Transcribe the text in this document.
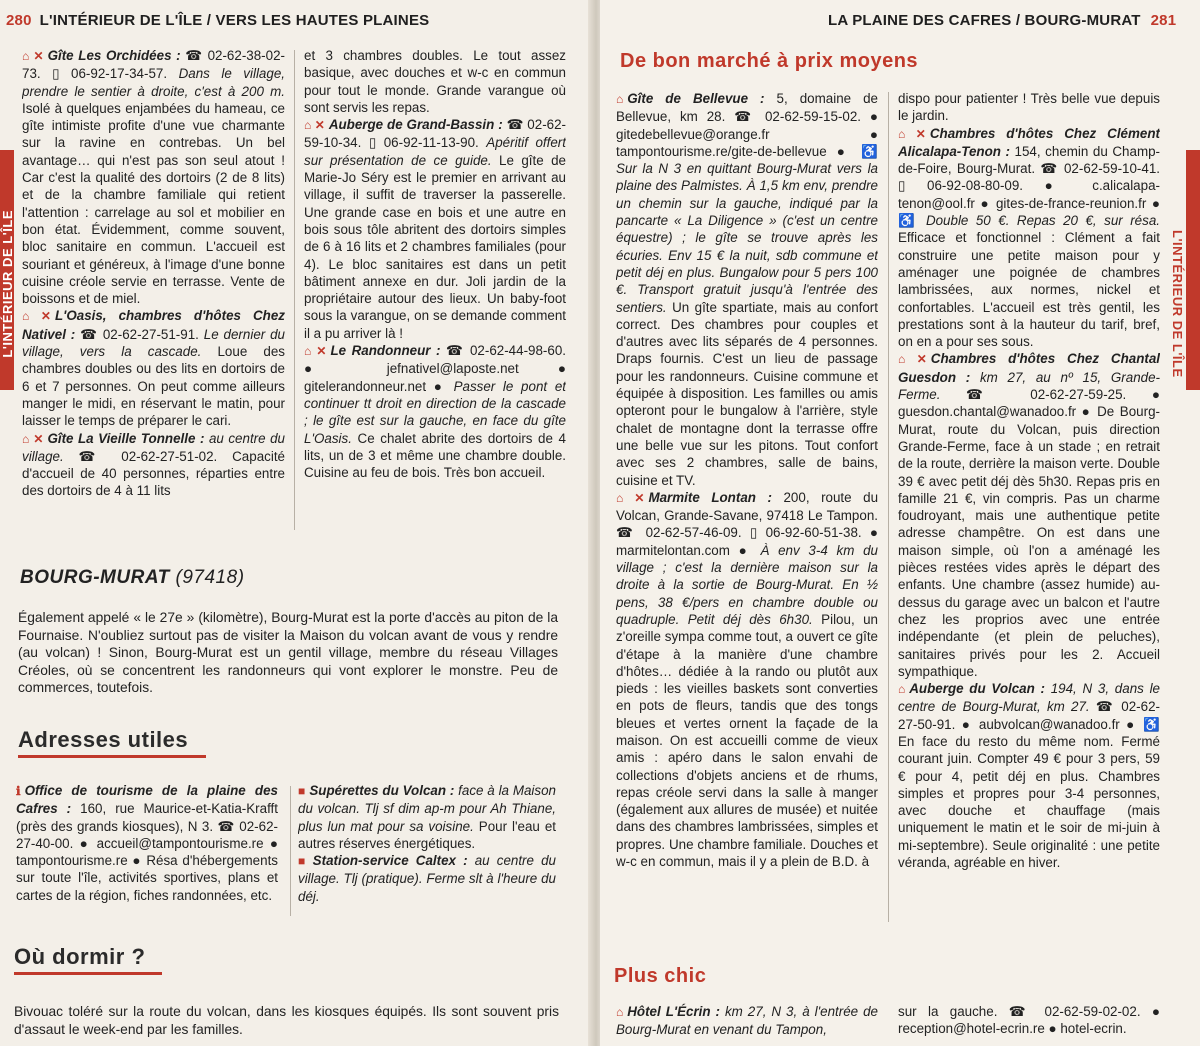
280 L'INTÉRIEUR DE L'ÎLE / VERS LES HAUTES PLAINES
L'INTÉRIEUR DE L'ÎLE

⌂ ✕ Gîte Les Orchidées : ☎ 02-62-38-02-73. ▯ 06-92-17-34-57. Dans le village, prendre le sentier à droite, c'est à 200 m. Isolé à quelques enjambées du hameau, ce gîte intimiste profite d'une vue charmante sur la ravine en contrebas. Un bel avantage… qui n'est pas son seul atout ! Car c'est la qualité des dortoirs (2 de 8 lits) et de la chambre familiale qui retient l'attention : carrelage au sol et mobilier en bon état. Évidemment, comme souvent, bloc sanitaire en commun. L'accueil est souriant et généreux, à l'image d'une bonne cuisine créole servie en terrasse. Vente de boissons et de miel.

⌂ ✕ L'Oasis, chambres d'hôtes Chez Nativel : ☎ 02-62-27-51-91. Le dernier du village, vers la cascade. Loue des chambres doubles ou des lits en dortoirs de 6 et 7 personnes. On peut comme ailleurs manger le midi, en réservant le matin, pour laisser le temps de préparer le cari.

⌂ ✕ Gîte La Vieille Tonnelle : au centre du village. ☎ 02-62-27-51-02. Capacité d'accueil de 40 personnes, réparties entre des dortoirs de 4 à 11 lits

et 3 chambres doubles. Le tout assez basique, avec douches et w-c en commun pour tout le monde. Grande varangue où sont servis les repas.

⌂ ✕ Auberge de Grand-Bassin : ☎ 02-62-59-10-34. ▯ 06-92-11-13-90. Apéritif offert sur présentation de ce guide. Le gîte de Marie-Jo Séry est le premier en arrivant au village, il suffit de traverser la passerelle. Une grande case en bois et une autre en bois sous tôle abritent des dortoirs simples de 6 à 16 lits et 2 chambres familiales (pour 4). Le bloc sanitaires est dans un petit bâtiment annexe en dur. Joli jardin de la propriétaire autour des lieux. Un baby-foot sous la varangue, on se demande comment il a pu arriver là !

⌂ ✕ Le Randonneur : ☎ 02-62-44-98-60. ● jefnativel@laposte.net ● gitelerandonneur.net ● Passer le pont et continuer tt droit en direction de la cascade ; le gîte est sur la gauche, en face du gîte L'Oasis. Ce chalet abrite des dortoirs de 4 lits, un de 3 et même une chambre double. Cuisine au feu de bois. Très bon accueil.

BOURG-MURAT (97418)
Également appelé « le 27e » (kilomètre), Bourg-Murat est la porte d'accès au piton de la Fournaise. N'oubliez surtout pas de visiter la Maison du volcan avant de vous y rendre (au volcan) ! Sinon, Bourg-Murat est un gentil village, membre du réseau Villages Créoles, où se concentrent les randonneurs qui vont explorer le monstre. Peu de commerces, toutefois.
Adresses utiles

ℹ Office de tourisme de la plaine des Cafres : 160, rue Maurice-et-Katia-Krafft (près des grands kiosques), N 3. ☎ 02-62-27-40-00. ● accueil@tampontourisme.re ● tampontourisme.re ● Résa d'hébergements sur toute l'île, activités sportives, plans et cartes de la région, fiches randonnées, etc.

■ Supérettes du Volcan : face à la Maison du volcan. Tlj sf dim ap-m pour Ah Thiane, plus lun mat pour sa voisine. Pour l'eau et autres réserves énergétiques.

■ Station-service Caltex : au centre du village. Tlj (pratique). Ferme slt à l'heure du déj.

Où dormir ?
Bivouac toléré sur la route du volcan, dans les kiosques équipés. Ils sont souvent pris d'assaut le week-end par les familles.
LA PLAINE DES CAFRES / BOURG-MURAT 281
L'INTÉRIEUR DE L'ÎLE
De bon marché à prix moyens

⌂ Gîte de Bellevue : 5, domaine de Bellevue, km 28. ☎ 02-62-59-15-02. ● gitedebellevue@orange.fr ● tampontourisme.re/gite-de-bellevue ● ♿ Sur la N 3 en quittant Bourg-Murat vers la plaine des Palmistes. À 1,5 km env, prendre un chemin sur la gauche, indiqué par la pancarte « La Diligence » (c'est un centre équestre) ; le gîte se trouve après les écuries. Env 15 € la nuit, sdb commune et petit déj en plus. Bungalow pour 5 pers 100 €. Transport gratuit jusqu'à l'entrée des sentiers. Un gîte spartiate, mais au confort correct. Des chambres pour couples et d'autres avec lits séparés de 4 personnes. Draps fournis. C'est un lieu de passage pour les randonneurs. Cuisine commune et équipée à disposition. Les familles ou amis opteront pour le bungalow à l'arrière, style chalet de montagne dont la terrasse offre une belle vue sur les pitons. Tout confort avec ses 2 chambres, salle de bains, cuisine et TV.

⌂ ✕ Marmite Lontan : 200, route du Volcan, Grande-Savane, 97418 Le Tampon. ☎ 02-62-57-46-09. ▯ 06-92-60-51-38. ● marmitelontan.com ● À env 3-4 km du village ; c'est la dernière maison sur la droite à la sortie de Bourg-Murat. En ½ pens, 38 €/pers en chambre double ou quadruple. Petit déj dès 6h30. Pilou, un z'oreille sympa comme tout, a ouvert ce gîte d'étape à la manière d'une chambre d'hôtes… dédiée à la rando ou plutôt aux pieds : les vieilles baskets sont converties en pots de fleurs, tandis que des tongs bleues et vertes ornent la façade de la maison. On est accueilli comme de vieux amis : apéro dans le salon envahi de collections d'objets anciens et de rhums, repas créole servi dans la salle à manger (également aux allures de musée) et nuitée dans des chambres lambrissées, simples et propres. Une chambre familiale. Douches et w-c en commun, mais il y a plein de B.D. à

Plus chic

⌂ Hôtel L'Écrin : km 27, N 3, à l'entrée de Bourg-Murat en venant du Tampon,

dispo pour patienter ! Très belle vue depuis le jardin.

⌂ ✕ Chambres d'hôtes Chez Clément Alicalapa-Tenon : 154, chemin du Champ-de-Foire, Bourg-Murat. ☎ 02-62-59-10-41. ▯ 06-92-08-80-09. ● c.alicalapa-tenon@ool.fr ● gites-de-france-reunion.fr ● ♿ Double 50 €. Repas 20 €, sur résa. Efficace et fonctionnel : Clément a fait construire une petite maison pour y aménager une poignée de chambres lambrissées, aux normes, nickel et confortables. L'accueil est très gentil, les prestations sont à la hauteur du tarif, bref, on en a pour ses sous.

⌂ ✕ Chambres d'hôtes Chez Chantal Guesdon : km 27, au nº 15, Grande-Ferme. ☎ 02-62-27-59-25. ● guesdon.chantal@wanadoo.fr ● De Bourg-Murat, route du Volcan, puis direction Grande-Ferme, face à un stade ; en retrait de la route, derrière la maison verte. Double 39 € avec petit déj dès 5h30. Repas pris en famille 21 €, vin compris. Pas un charme foudroyant, mais une authentique petite adresse champêtre. On est dans une maison simple, où l'on a aménagé les pièces restées vides après le départ des enfants. Une chambre (assez humide) au-dessus du garage avec un balcon et l'autre chez les proprios avec une entrée indépendante (et plein de peluches), sanitaires privés pour les 2. Accueil sympathique.

⌂ Auberge du Volcan : 194, N 3, dans le centre de Bourg-Murat, km 27. ☎ 02-62-27-50-91. ● aubvolcan@wanadoo.fr ● ♿ En face du resto du même nom. Fermé courant juin. Compter 49 € pour 3 pers, 59 € pour 4, petit déj en plus. Chambres simples et propres pour 3-4 personnes, avec douche et chauffage (mais uniquement le matin et le soir de mi-juin à mi-septembre). Seule originalité : une petite véranda, agréable en hiver.

sur la gauche. ☎ 02-62-59-02-02. ● reception@hotel-ecrin.re ● hotel-ecrin.
